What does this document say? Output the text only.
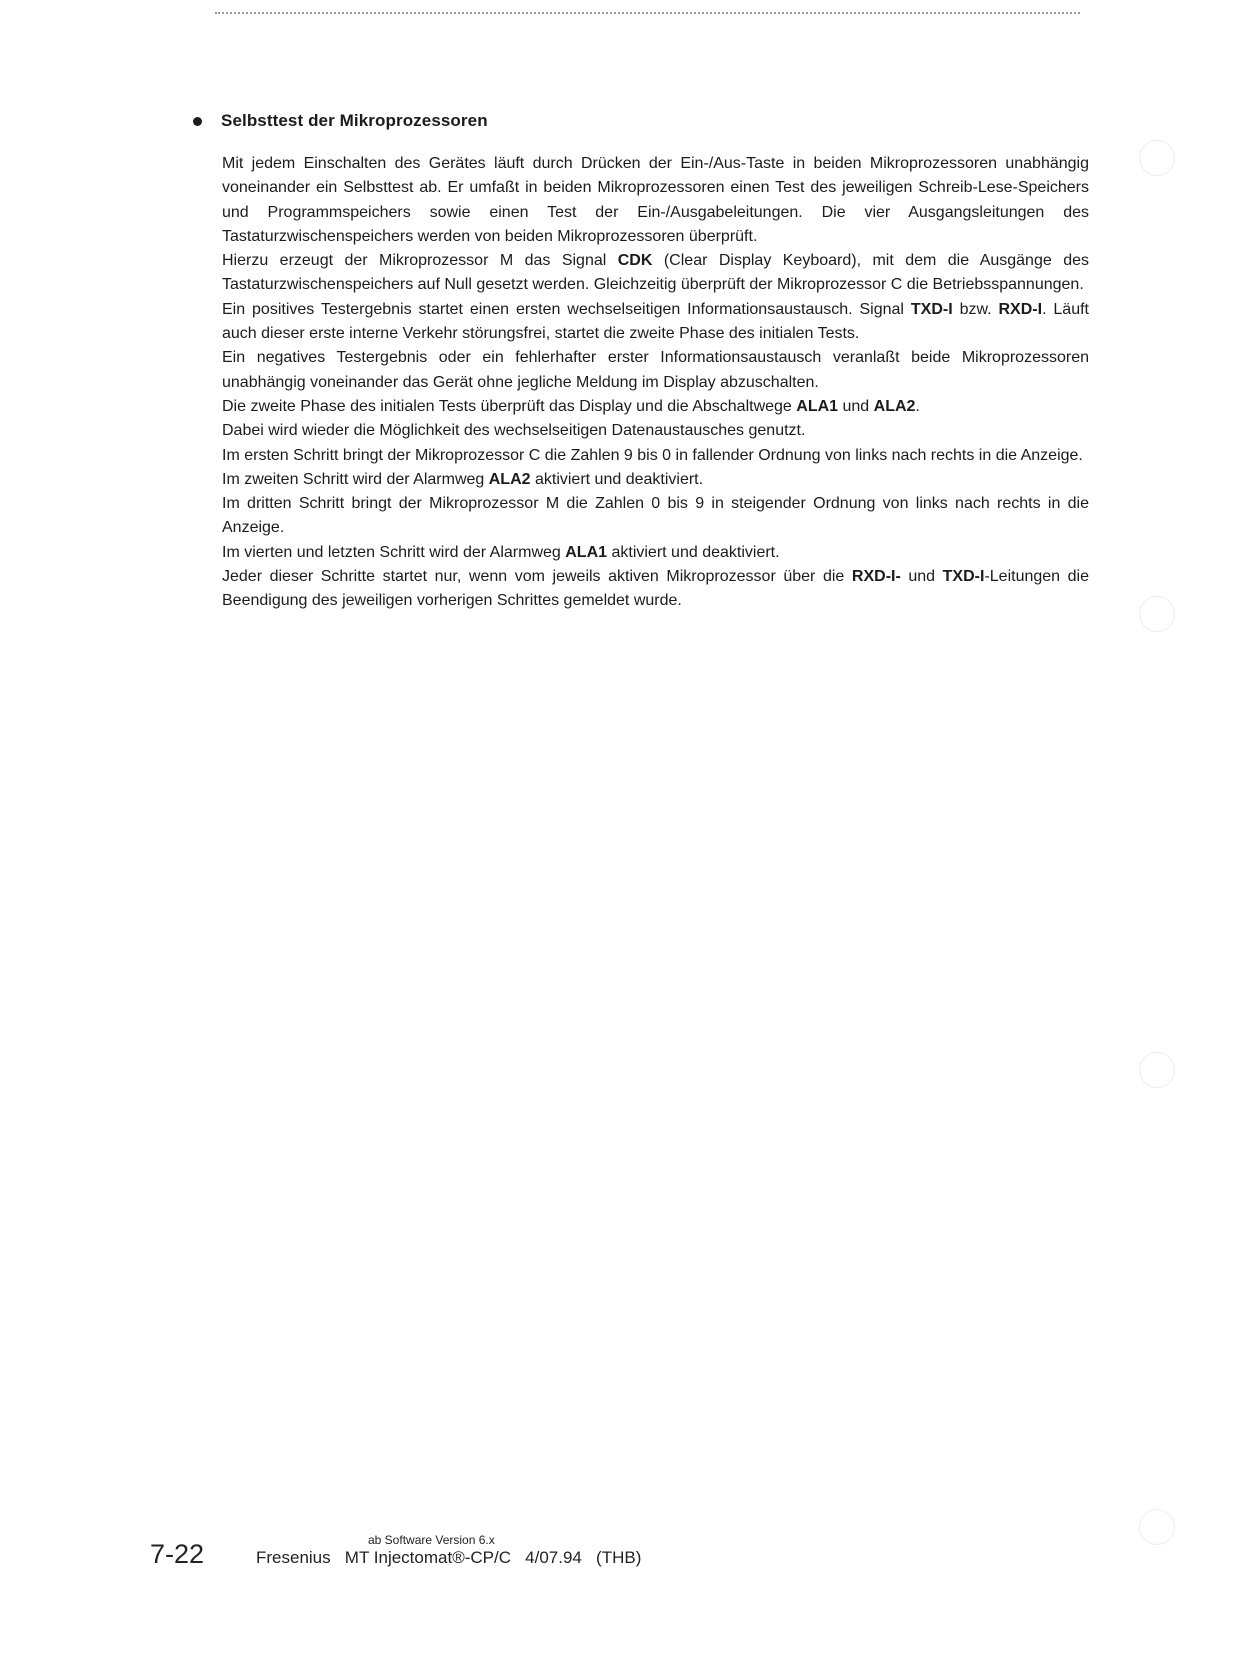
Selbsttest der Mikroprozessoren

Mit jedem Einschalten des Gerätes läuft durch Drücken der Ein-/Aus-Taste in beiden Mikroprozessoren unabhängig voneinander ein Selbsttest ab. Er umfaßt in beiden Mikroprozessoren einen Test des jeweiligen Schreib-Lese-Speichers und Programmspeichers sowie einen Test der Ein-/Ausgabeleitungen. Die vier Ausgangsleitungen des Tastaturzwischenspeichers werden von beiden Mikroprozessoren überprüft.

Hierzu erzeugt der Mikroprozessor M das Signal CDK (Clear Display Keyboard), mit dem die Ausgänge des Tastaturzwischenspeichers auf Null gesetzt werden. Gleichzeitig überprüft der Mikroprozessor C die Betriebsspannungen.

Ein positives Testergebnis startet einen ersten wechselseitigen Informationsaustausch. Signal TXD-I bzw. RXD-I. Läuft auch dieser erste interne Verkehr störungsfrei, startet die zweite Phase des initialen Tests.

Ein negatives Testergebnis oder ein fehlerhafter erster Informationsaustausch veranlaßt beide Mikroprozessoren unabhängig voneinander das Gerät ohne jegliche Meldung im Display abzuschalten.

Die zweite Phase des initialen Tests überprüft das Display und die Abschaltwege ALA1 und ALA2.

Dabei wird wieder die Möglichkeit des wechselseitigen Datenaustausches genutzt.

Im ersten Schritt bringt der Mikroprozessor C die Zahlen 9 bis 0 in fallender Ordnung von links nach rechts in die Anzeige.

Im zweiten Schritt wird der Alarmweg ALA2 aktiviert und deaktiviert.

Im dritten Schritt bringt der Mikroprozessor M die Zahlen 0 bis 9 in steigender Ordnung von links nach rechts in die Anzeige.

Im vierten und letzten Schritt wird der Alarmweg ALA1 aktiviert und deaktiviert.

Jeder dieser Schritte startet nur, wenn vom jeweils aktiven Mikroprozessor über die RXD-I- und TXD-I-Leitungen die Beendigung des jeweiligen vorherigen Schrittes gemeldet wurde.

7-22	ab Software Version 6.x
Fresenius   MT Injectomat®-CP/C   4/07.94   (THB)
